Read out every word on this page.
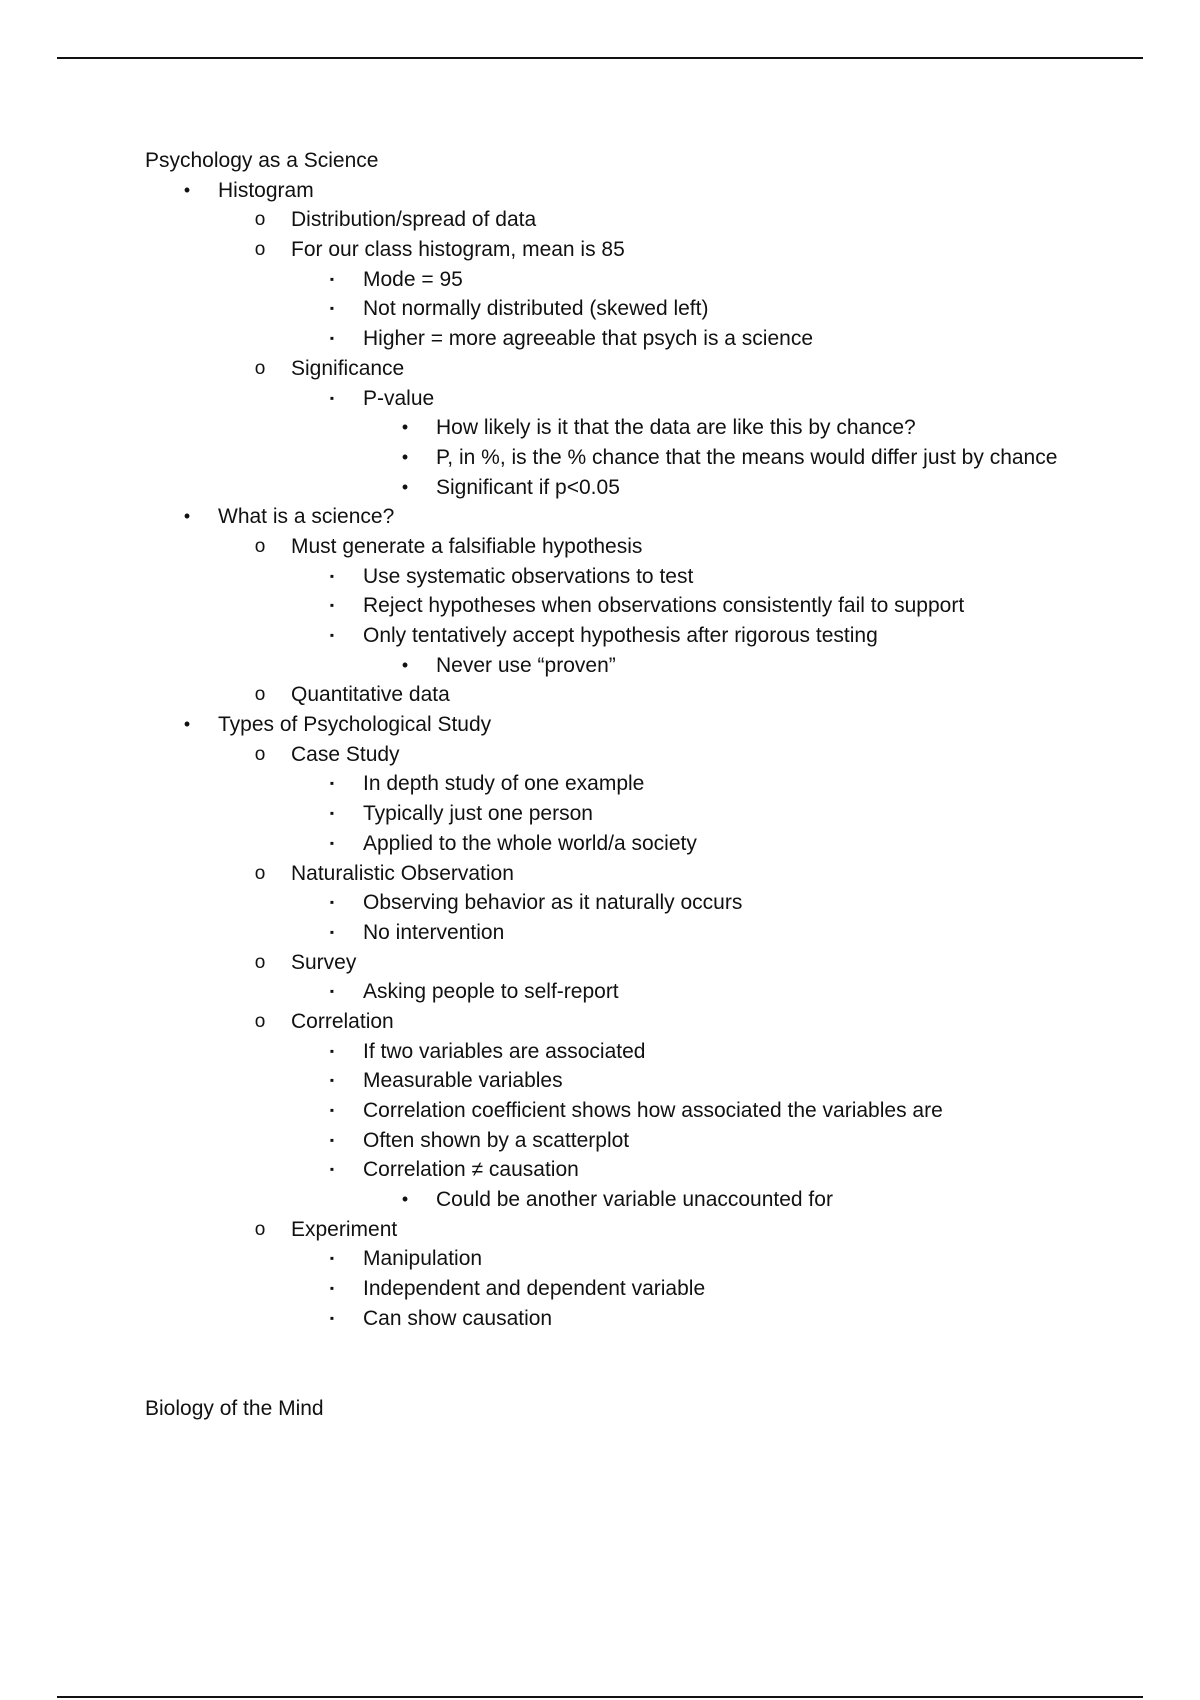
Psychology as a Science
•	Histogram
o Distribution/spread of data
o For our class histogram, mean is 85
▪	Mode = 95
▪	Not normally distributed (skewed left)
▪	Higher = more agreeable that psych is a science
o Significance
▪	P-value
•	How likely is it that the data are like this by chance?
•	P, in %, is the % chance that the means would differ just by chance
•	Significant if p<0.05
•	What is a science?
o Must generate a falsifiable hypothesis
▪	Use systematic observations to test
▪	Reject hypotheses when observations consistently fail to support
▪	Only tentatively accept hypothesis after rigorous testing
•	Never use “proven”
o Quantitative data
•	Types of Psychological Study
o Case Study
▪	In depth study of one example
▪	Typically just one person
▪	Applied to the whole world/a society
o Naturalistic Observation
▪	Observing behavior as it naturally occurs
▪	No intervention
o Survey
▪	Asking people to self-report
o Correlation
▪	If two variables are associated
▪	Measurable variables
▪	Correlation coefficient shows how associated the variables are
▪	Often shown by a scatterplot
▪	Correlation ≠ causation
•	Could be another variable unaccounted for
o Experiment
▪	Manipulation
▪	Independent and dependent variable
▪	Can show causation
Biology of the Mind
